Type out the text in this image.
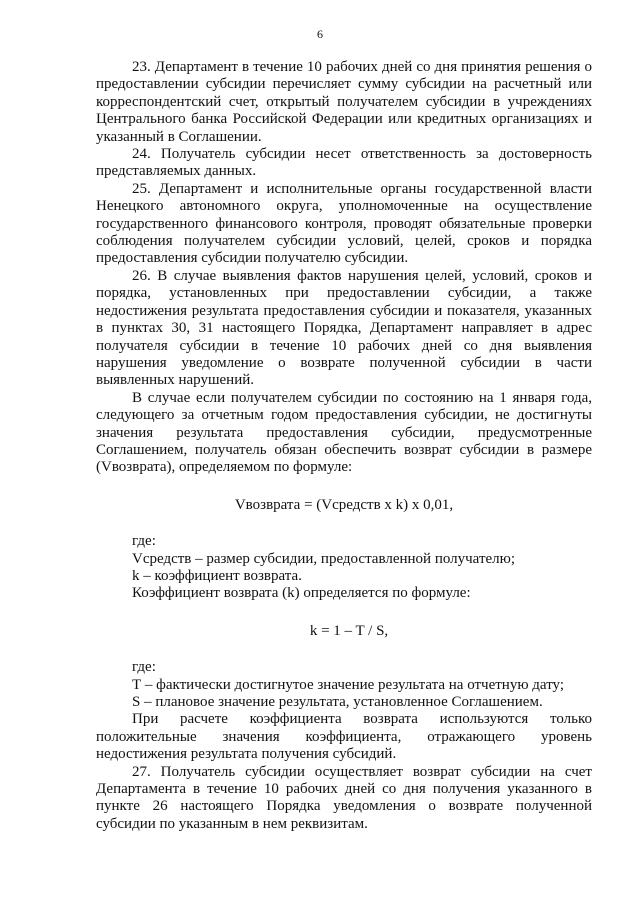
6

23. Департамент в течение 10 рабочих дней со дня принятия решения о предоставлении субсидии перечисляет сумму субсидии на расчетный или корреспондентский счет, открытый получателем субсидии в учреждениях Центрального банка Российской Федерации или кредитных организациях и указанный в Соглашении.

24. Получатель субсидии несет ответственность за достоверность представляемых данных.

25. Департамент и исполнительные органы государственной власти Ненецкого автономного округа, уполномоченные на осуществление государственного финансового контроля, проводят обязательные проверки соблюдения получателем субсидии условий, целей, сроков и порядка предоставления субсидии получателю субсидии.

26. В случае выявления фактов нарушения целей, условий, сроков и порядка, установленных при предоставлении субсидии, а также недостижения результата предоставления субсидии и показателя, указанных в пунктах 30, 31 настоящего Порядка, Департамент направляет в адрес получателя субсидии в течение 10 рабочих дней со дня выявления нарушения уведомление о возврате полученной субсидии в части выявленных нарушений.

В случае если получателем субсидии по состоянию на 1 января года, следующего за отчетным годом предоставления субсидии, не достигнуты значения результата предоставления субсидии, предусмотренные Соглашением, получатель обязан обеспечить возврат субсидии в размере (Vвозврата), определяемом по формуле:

Vвозврата = (Vсредств x k) x 0,01,

где:

Vсредств – размер субсидии, предоставленной получателю;

k – коэффициент возврата.

Коэффициент возврата (k) определяется по формуле:

k = 1 – T / S,

где:

Т – фактически достигнутое значение результата на отчетную дату;

S – плановое значение результата, установленное Соглашением.

При расчете коэффициента возврата используются только положительные значения коэффициента, отражающего уровень недостижения результата получения субсидий.

27. Получатель субсидии осуществляет возврат субсидии на счет Департамента в течение 10 рабочих дней со дня получения указанного в пункте 26 настоящего Порядка уведомления о возврате полученной субсидии по указанным в нем реквизитам.
